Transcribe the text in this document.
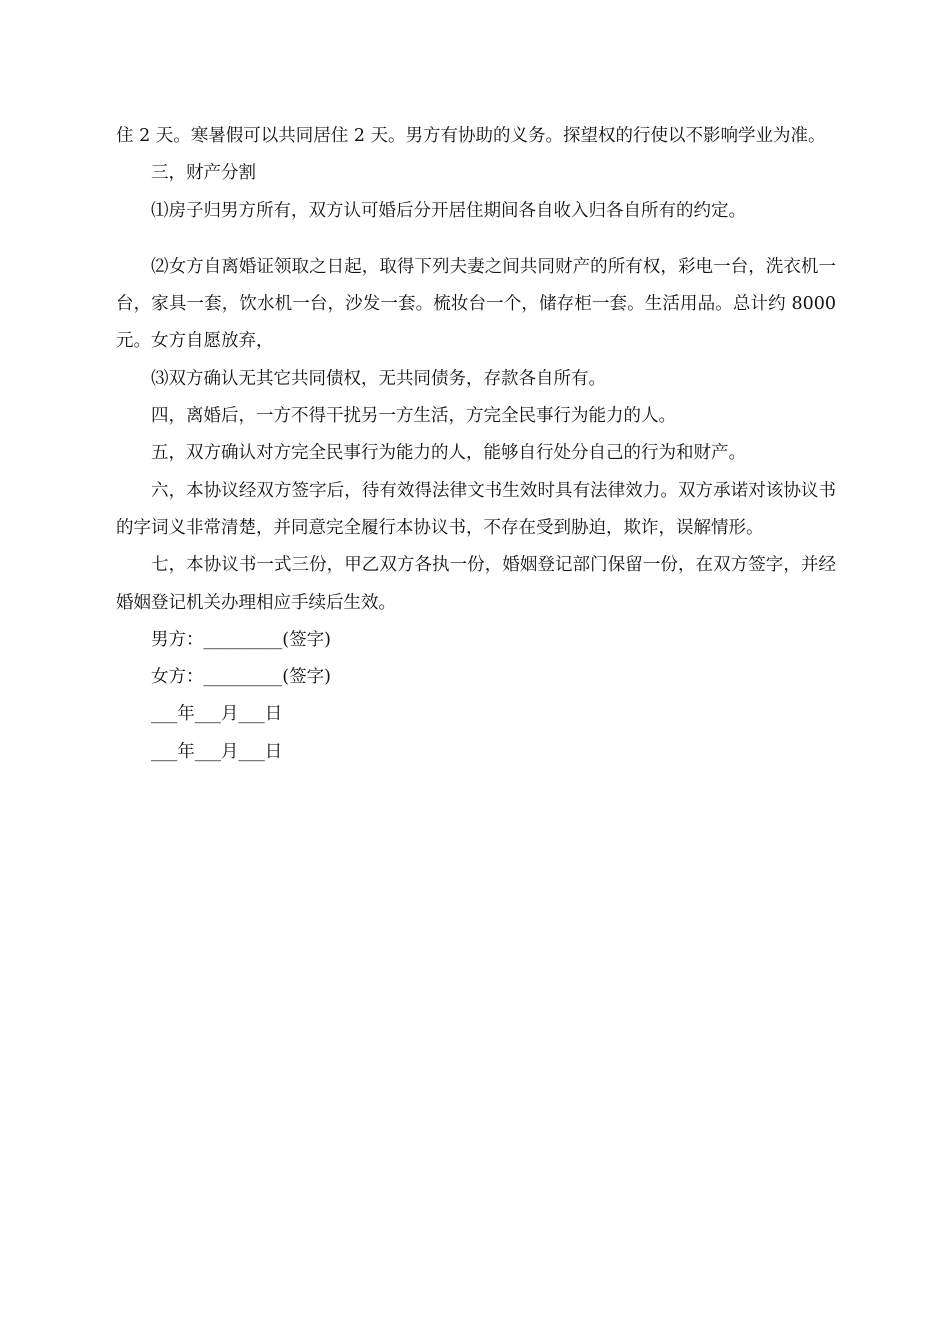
住 2 天。寒暑假可以共同居住 2 天。男方有协助的义务。探望权的行使以不影响学业为准。

三，财产分割

⑴房子归男方所有，双方认可婚后分开居住期间各自收入归各自所有的约定。

⑵女方自离婚证领取之日起，取得下列夫妻之间共同财产的所有权，彩电一台，洗衣机一台，家具一套，饮水机一台，沙发一套。梳妆台一个，储存柜一套。生活用品。总计约 8000 元。女方自愿放弃，

⑶双方确认无其它共同债权，无共同债务，存款各自所有。

四，离婚后，一方不得干扰另一方生活，方完全民事行为能力的人。

五，双方确认对方完全民事行为能力的人，能够自行处分自己的行为和财产。

六，本协议经双方签字后，待有效得法律文书生效时具有法律效力。双方承诺对该协议书的字词义非常清楚，并同意完全履行本协议书，不存在受到胁迫，欺诈，误解情形。

七，本协议书一式三份，甲乙双方各执一份，婚姻登记部门保留一份，在双方签字，并经婚姻登记机关办理相应手续后生效。

男方：_________(签字)

女方：_________(签字)

___年___月___日

___年___月___日
